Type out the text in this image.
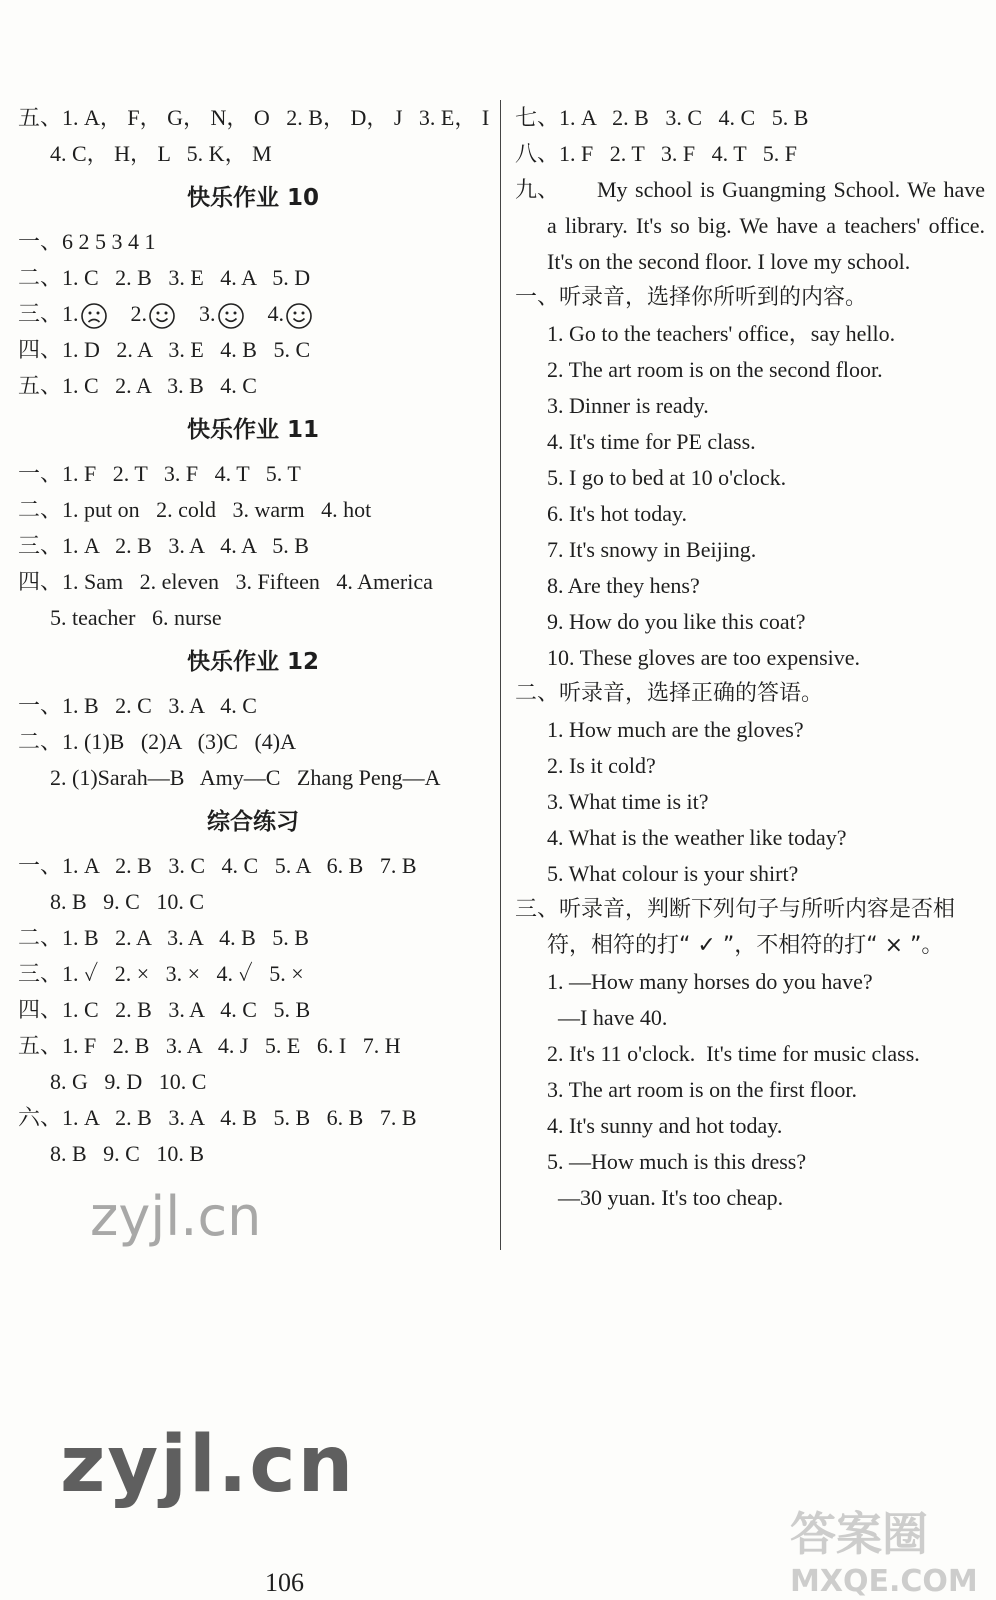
五、1. A， F， G， N， O   2. B， D， J   3. E， I
4. C， H， L   5. K， M
快乐作业 10
一、6 2 5 3 4 1
二、1. C   2. B   3. E   4. A   5. D
三、1. 2. 3. 4.
四、1. D   2. A   3. E   4. B   5. C
五、1. C   2. A   3. B   4. C
快乐作业 11
一、1. F   2. T   3. F   4. T   5. T
二、1. put on   2. cold   3. warm   4. hot
三、1. A   2. B   3. A   4. A   5. B
四、1. Sam   2. eleven   3. Fifteen   4. America
5. teacher   6. nurse
快乐作业 12
一、1. B   2. C   3. A   4. C
二、1. (1)B   (2)A   (3)C   (4)A
2. (1)Sarah—B   Amy—C   Zhang Peng—A
综合练习
一、1. A   2. B   3. C   4. C   5. A   6. B   7. B
8. B   9. C   10. C
二、1. B   2. A   3. A   4. B   5. B
三、1. ✓   2. ×   3. ×   4. ✓   5. ×
四、1. C   2. B   3. A   4. C   5. B
五、1. F   2. B   3. A   4. J   5. E   6. I   7. H
8. G   9. D   10. C
六、1. A   2. B   3. A   4. B   5. B   6. B   7. B
8. B   9. C   10. B
七、1. A   2. B   3. C   4. C   5. B
八、1. F   2. T   3. F   4. T   5. F
九、	My school is Guangming School. We have a library. It's so big. We have a teachers' office. It's on the second floor. I love my school.
一、听录音，选择你所听到的内容。
1. Go to the teachers' office，say hello.
2. The art room is on the second floor.
3. Dinner is ready.
4. It's time for PE class.
5. I go to bed at 10 o'clock.
6. It's hot today.
7. It's snowy in Beijing.
8. Are they hens?
9. How do you like this coat?
10. These gloves are too expensive.
二、听录音，选择正确的答语。
1. How much are the gloves?
2. Is it cold?
3. What time is it?
4. What is the weather like today?
5. What colour is your shirt?
三、听录音，判断下列句子与所听内容是否相
符，相符的打“ ✓ ”，不相符的打“ × ”。
1. —How many horses do you have?
—I have 40.
2. It's 11 o'clock.  It's time for music class.
3. The art room is on the first floor.
4. It's sunny and hot today.
5. —How much is this dress?
—30 yuan. It's too cheap.
zyjl.cn
zyjl.cn
答案圈
MXQE.COM
106
